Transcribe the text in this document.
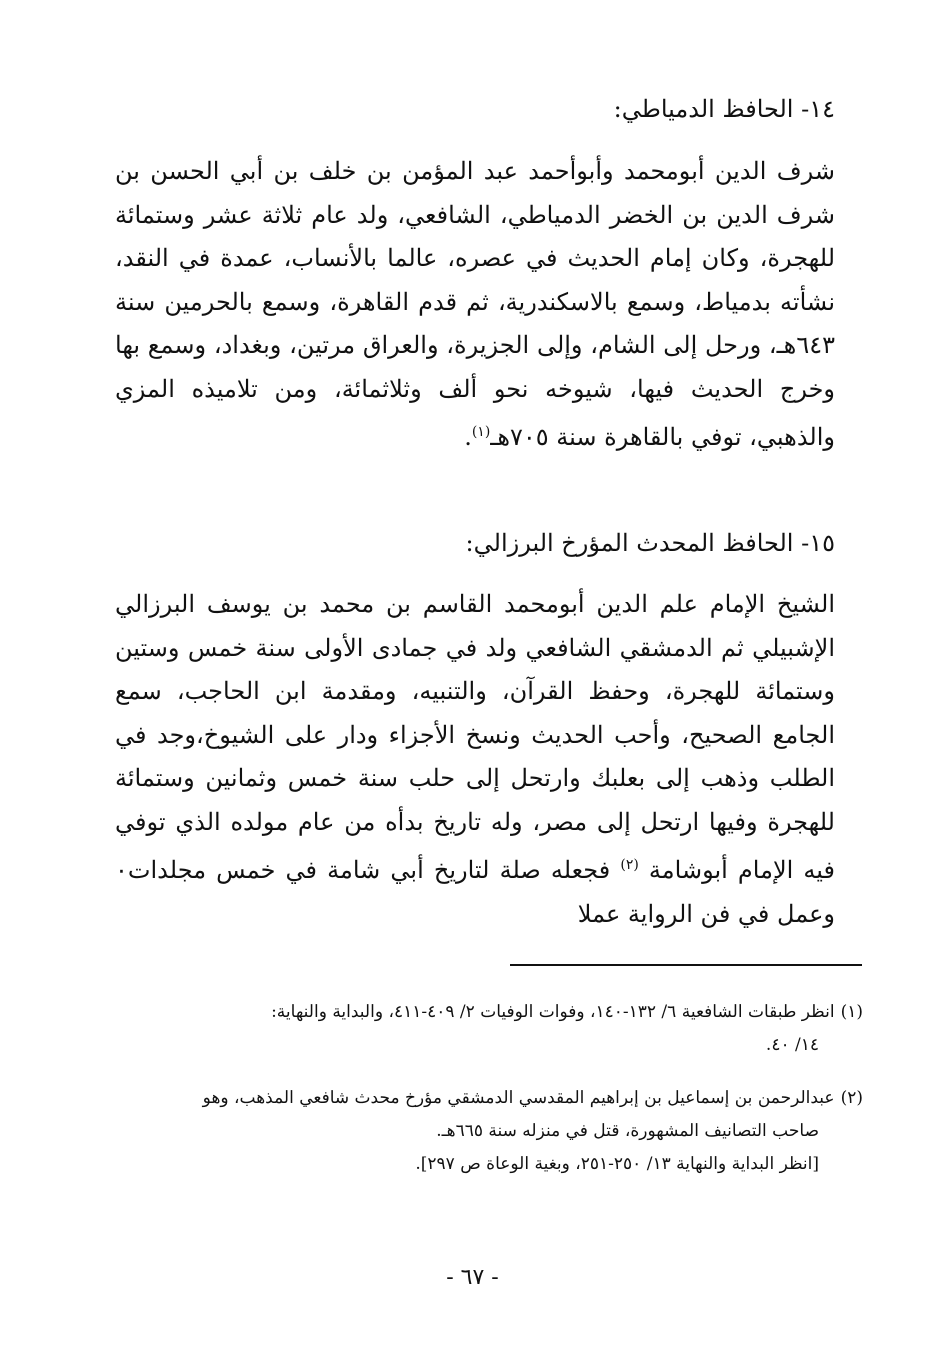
١٤- الحافظ الدمياطي:
شرف الدين أبومحمد وأبوأحمد عبد المؤمن بن خلف بن أبي الحسن بن شرف الدين بن الخضر الدمياطي، الشافعي، ولد عام ثلاثة عشر وستمائة للهجرة، وكان إمام الحديث في عصره، عالما بالأنساب، عمدة في النقد، نشأته بدمياط، وسمع بالاسكندرية، ثم قدم القاهرة، وسمع بالحرمين سنة ٦٤٣هـ، ورحل إلى الشام، وإلى الجزيرة، والعراق مرتين، وبغداد، وسمع بها وخرج الحديث فيها، شيوخه نحو ألف وثلاثمائة، ومن تلاميذه المزي والذهبي، توفي بالقاهرة سنة ٧٠٥هـ$^{(١)}$.
١٥- الحافظ المحدث المؤرخ البرزالي:
الشيخ الإمام علم الدين أبومحمد القاسم بن محمد بن يوسف البرزالي الإشبيلي ثم الدمشقي الشافعي ولد في جمادى الأولى سنة خمس وستين وستمائة للهجرة، وحفظ القرآن، والتنبيه، ومقدمة ابن الحاجب، سمع الجامع الصحيح، وأحب الحديث ونسخ الأجزاء ودار على الشيوخ،وجد في الطلب وذهب إلى بعلبك وارتحل إلى حلب سنة خمس وثمانين وستمائة للهجرة وفيها ارتحل إلى مصر، وله تاريخ بدأه من عام مولده الذي توفي فيه الإمام أبوشامة $^{(٢)}$ فجعله صلة لتاريخ أبي شامة في خمس مجلدات٠ وعمل في فن الرواية عملا
(١)انظر طبقات الشافعية ٦/ ١٣٢-١٤٠، وفوات الوفيات ٢/ ٤٠٩-٤١١، والبداية والنهاية:
١٤/ ٤٠.
(٢)عبدالرحمن بن إسماعيل بن إبراهيم المقدسي الدمشقي مؤرخ محدث شافعي المذهب، وهو
صاحب التصانيف المشهورة، قتل في منزله سنة ٦٦٥هـ.
[انظر البداية والنهاية ١٣/ ٢٥٠-٢٥١، وبغية الوعاة ص ٢٩٧].
- ٦٧ -
